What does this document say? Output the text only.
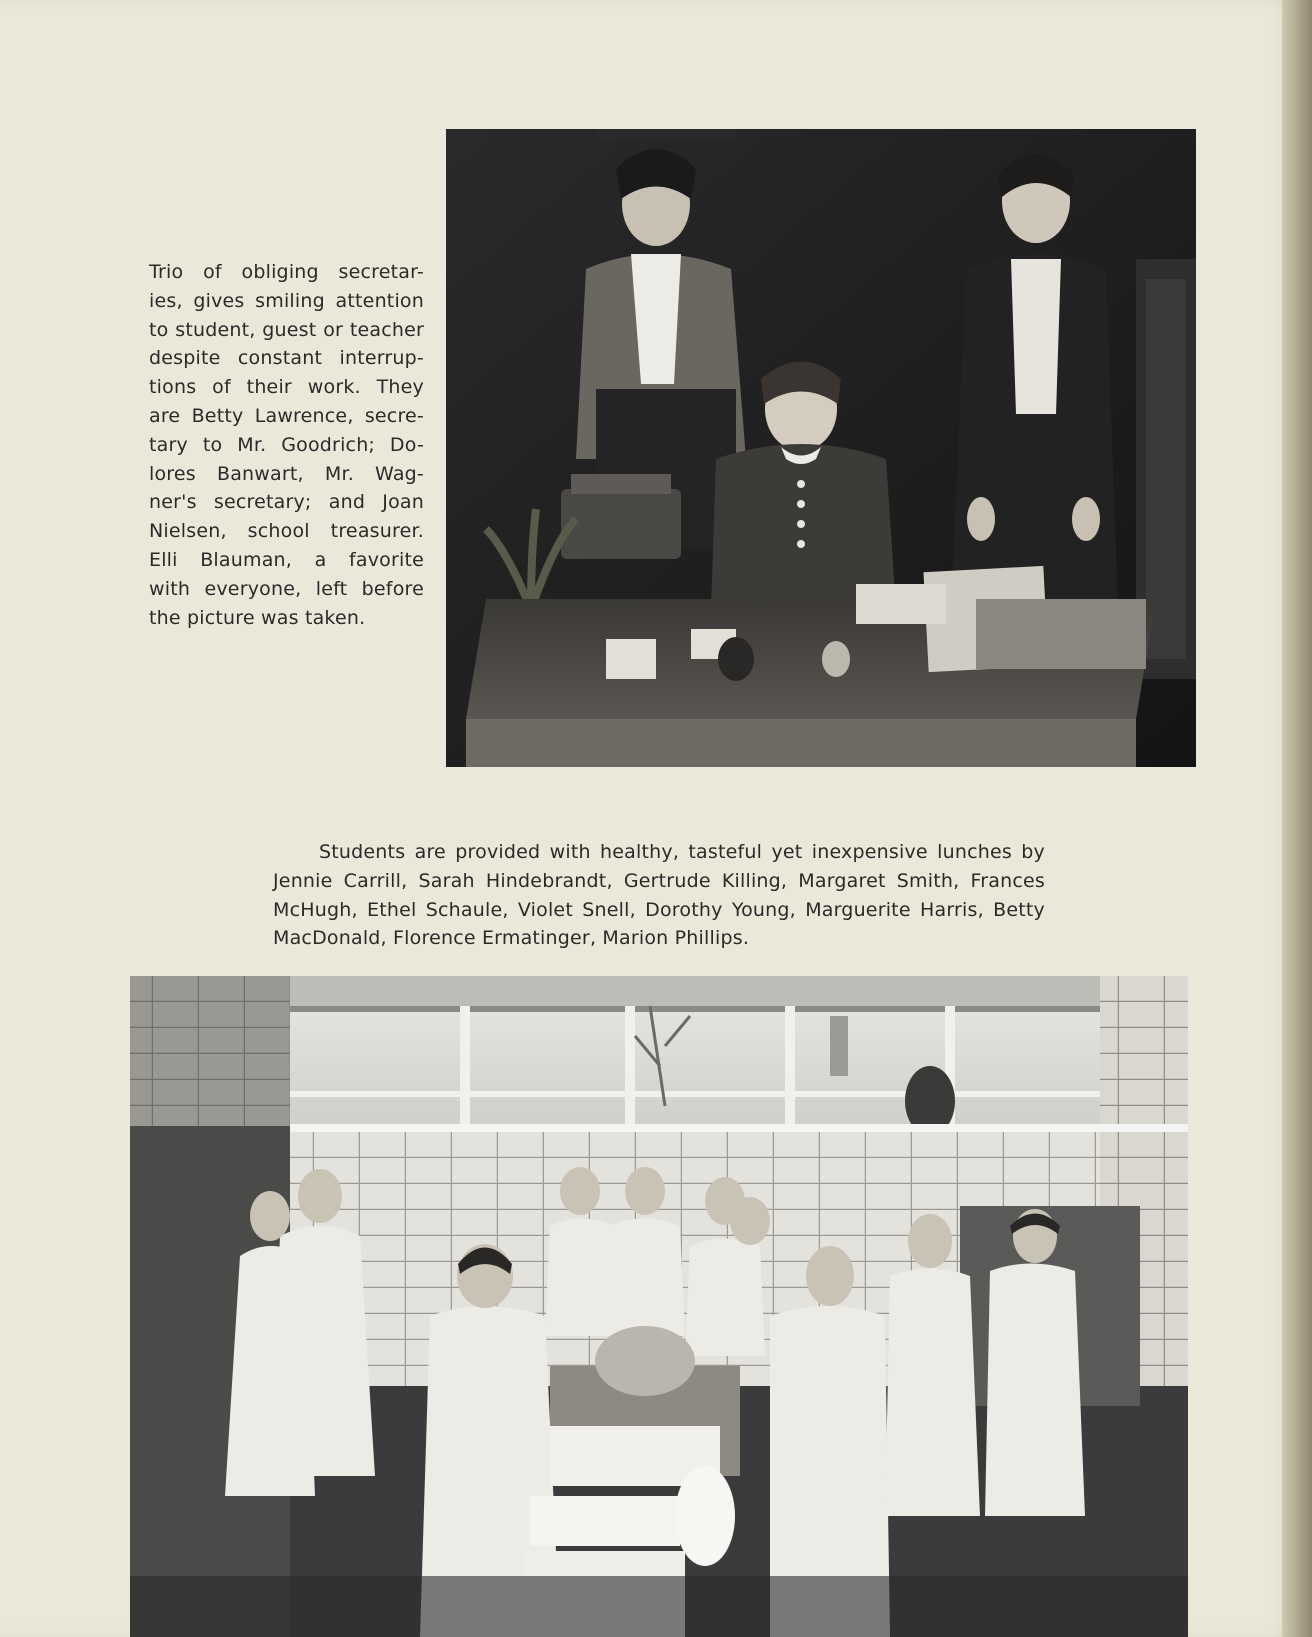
Trio of obliging secretar-
ies, gives smiling attention
to student, guest or teacher
despite constant interrup-
tions of their work. They
are Betty Lawrence, secre-
tary to Mr. Goodrich; Do-
lores Banwart, Mr. Wag-
ner's secretary; and Joan
Nielsen, school treasurer.
Elli Blauman, a favorite
with everyone, left before
the picture was taken.
Students are provided with healthy, tasteful yet inexpensive lunches by
Jennie Carrill, Sarah Hindebrandt, Gertrude Killing, Margaret Smith, Frances
McHugh, Ethel Schaule, Violet Snell, Dorothy Young, Marguerite Harris, Betty
MacDonald, Florence Ermatinger, Marion Phillips.
